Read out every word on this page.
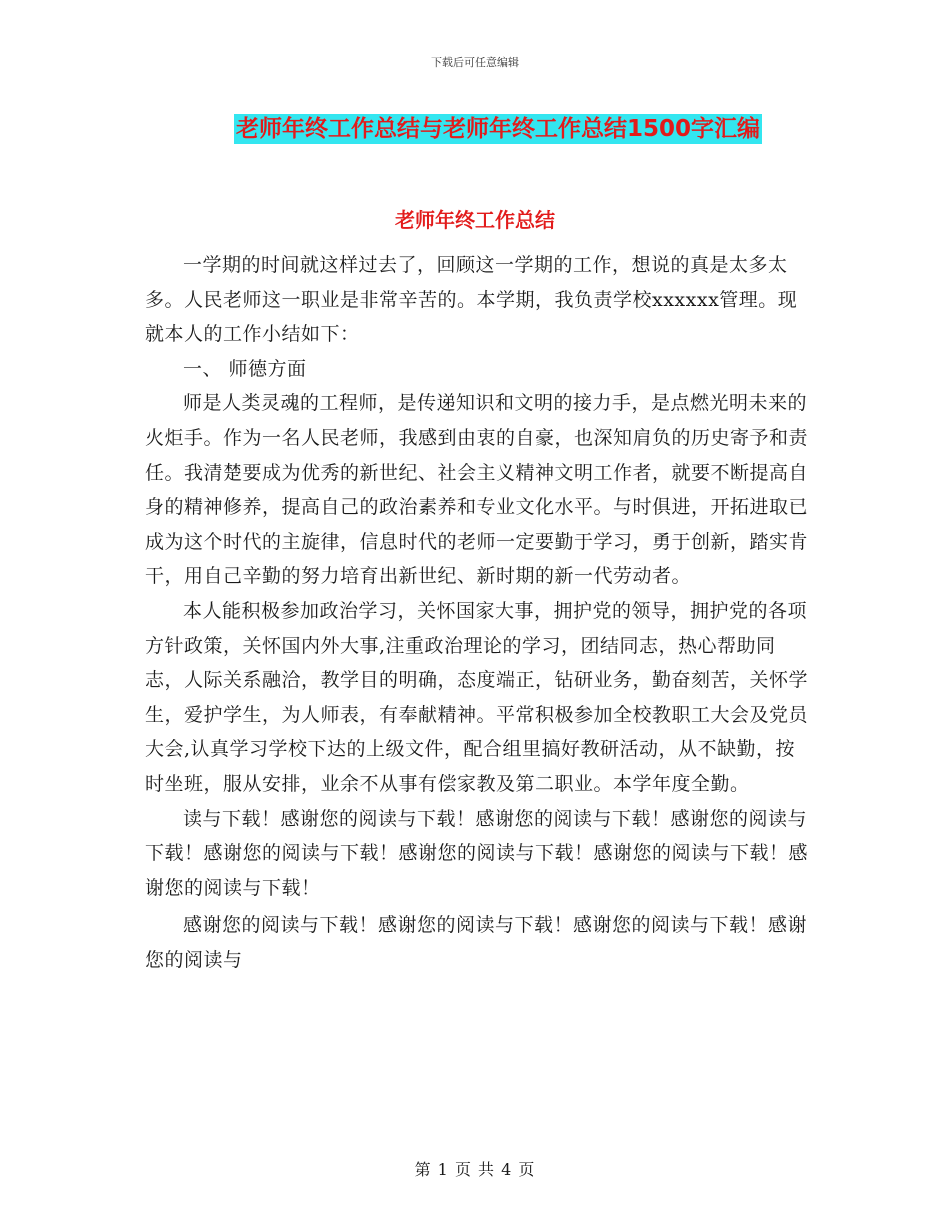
下载后可任意编辑
老师年终工作总结与老师年终工作总结1500字汇编
老师年终工作总结

一学期的时间就这样过去了，回顾这一学期的工作，想说的真是太多太多。人民老师这一职业是非常辛苦的。本学期，我负责学校xxxxxx管理。现就本人的工作小结如下：

一、 师德方面

师是人类灵魂的工程师，是传递知识和文明的接力手，是点燃光明未来的火炬手。作为一名人民老师，我感到由衷的自豪，也深知肩负的历史寄予和责任。我清楚要成为优秀的新世纪、社会主义精神文明工作者，就要不断提高自身的精神修养，提高自己的政治素养和专业文化水平。与时俱进，开拓进取已成为这个时代的主旋律，信息时代的老师一定要勤于学习，勇于创新，踏实肯干，用自己辛勤的努力培育出新世纪、新时期的新一代劳动者。

本人能积极参加政治学习，关怀国家大事，拥护党的领导，拥护党的各项方针政策，关怀国内外大事,注重政治理论的学习，团结同志，热心帮助同志，人际关系融洽，教学目的明确，态度端正，钻研业务，勤奋刻苦，关怀学生，爱护学生，为人师表，有奉献精神。平常积极参加全校教职工大会及党员大会,认真学习学校下达的上级文件，配合组里搞好教研活动，从不缺勤，按时坐班，服从安排，业余不从事有偿家教及第二职业。本学年度全勤。

读与下载！感谢您的阅读与下载！感谢您的阅读与下载！感谢您的阅读与下载！感谢您的阅读与下载！感谢您的阅读与下载！感谢您的阅读与下载！感谢您的阅读与下载！

感谢您的阅读与下载！感谢您的阅读与下载！感谢您的阅读与下载！感谢您的阅读与

第 1 页 共 4 页
